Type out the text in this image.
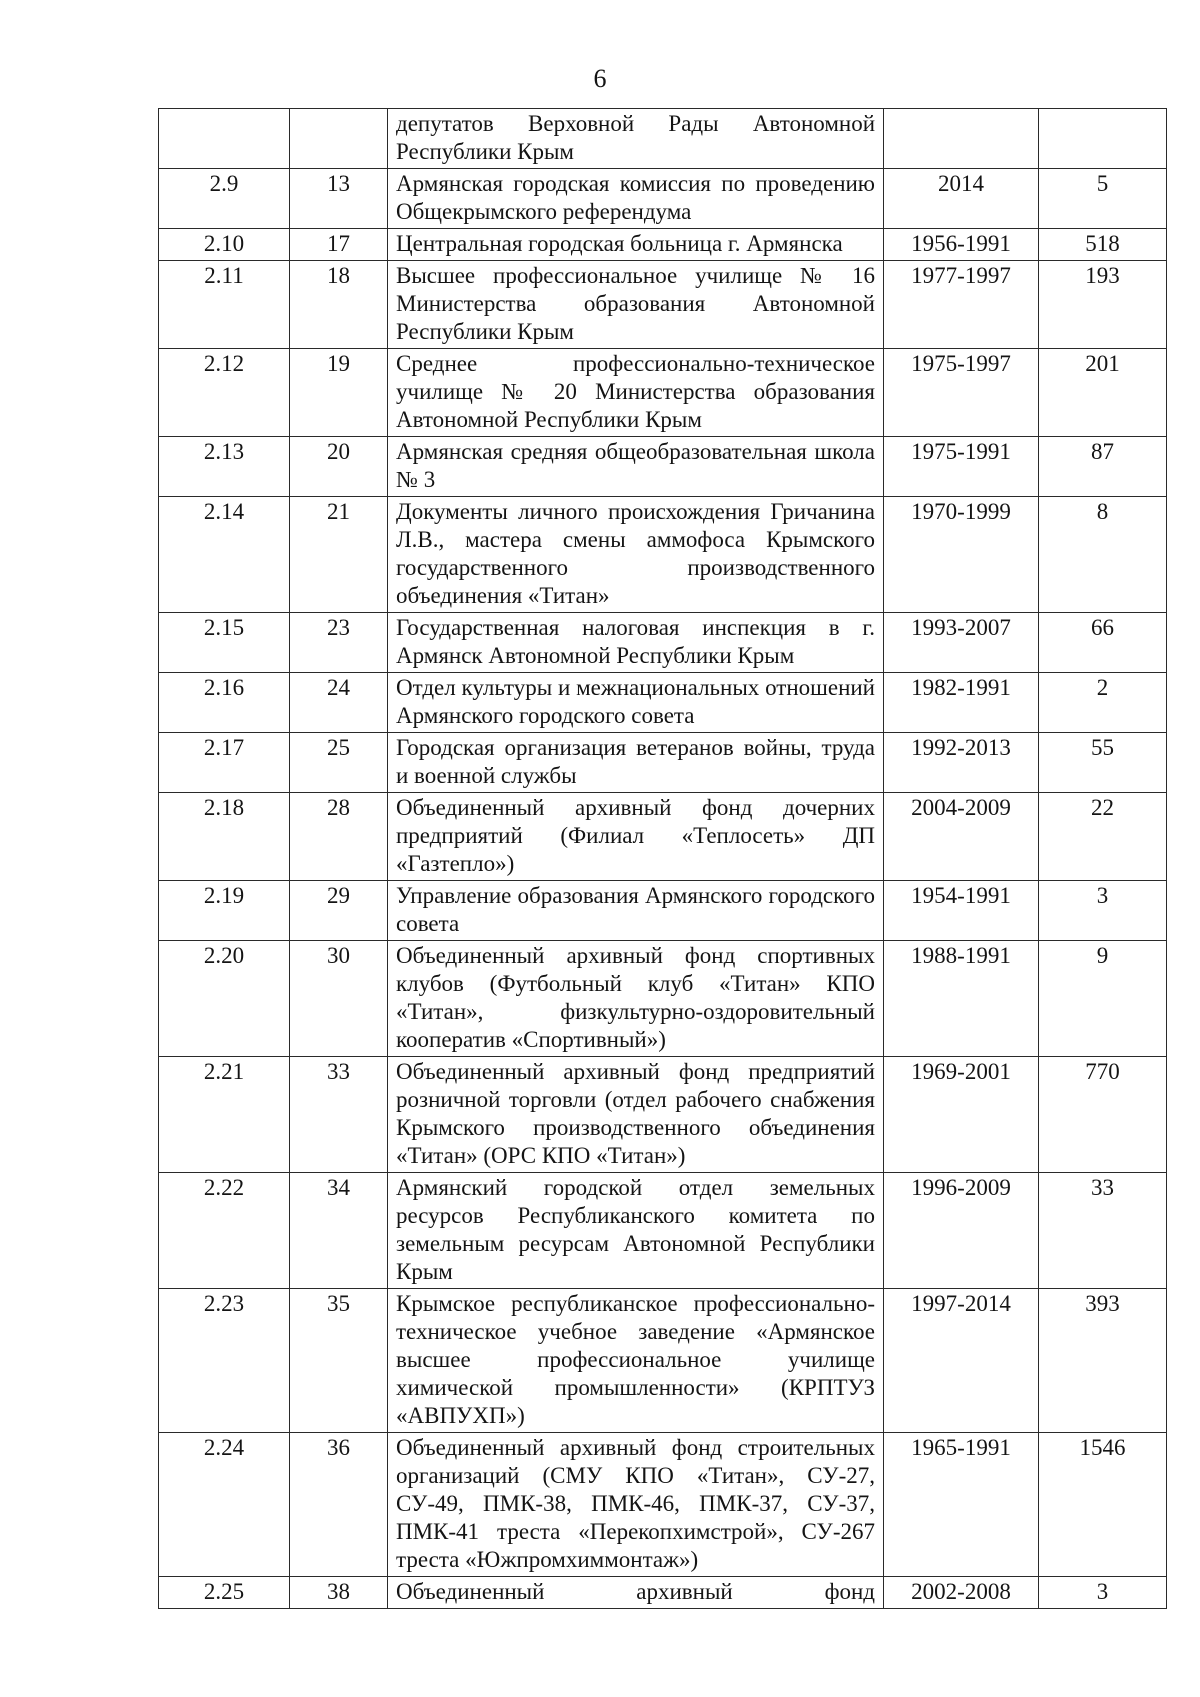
6
		депутатов Верховной Рады Автономной Республики Крым		
2.9	13	Армянская городская комиссия по проведению Общекрымского референдума	2014	5
2.10	17	Центральная городская больница г. Армянска	1956-1991	518
2.11	18	Высшее профессиональное училище № 16 Министерства образования Автономной Республики Крым	1977-1997	193
2.12	19	Среднее профессионально-техническое училище № 20 Министерства образования Автономной Республики Крым	1975-1997	201
2.13	20	Армянская средняя общеобразовательная школа № 3	1975-1991	87
2.14	21	Документы личного происхождения Гричанина Л.В., мастера смены аммофоса Крымского государственного производственного объединения «Титан»	1970-1999	8
2.15	23	Государственная налоговая инспекция в г. Армянск Автономной Республики Крым	1993-2007	66
2.16	24	Отдел культуры и межнациональных отношений Армянского городского совета	1982-1991	2
2.17	25	Городская организация ветеранов войны, труда и военной службы	1992-2013	55
2.18	28	Объединенный архивный фонд дочерних предприятий (Филиал «Теплосеть» ДП «Газтепло»)	2004-2009	22
2.19	29	Управление образования Армянского городского совета	1954-1991	3
2.20	30	Объединенный архивный фонд спортивных клубов (Футбольный клуб «Титан» КПО «Титан», физкультурно-оздоровительный кооператив «Спортивный»)	1988-1991	9
2.21	33	Объединенный архивный фонд предприятий розничной торговли (отдел рабочего снабжения Крымского производственного объединения «Титан» (ОРС КПО «Титан»)	1969-2001	770
2.22	34	Армянский городской отдел земельных ресурсов Республиканского комитета по земельным ресурсам Автономной Республики Крым	1996-2009	33
2.23	35	Крымское республиканское профессионально-техническое учебное заведение «Армянское высшее профессиональное училище химической промышленности» (КРПТУЗ «АВПУХП»)	1997-2014	393
2.24	36	Объединенный архивный фонд строительных организаций (СМУ КПО «Титан», СУ-27, СУ-49, ПМК-38, ПМК-46, ПМК-37, СУ-37, ПМК-41 треста «Перекопхимстрой», СУ-267 треста «Южпромхиммонтаж»)	1965-1991	1546
2.25	38	Объединенный архивный фонд	2002-2008	3
